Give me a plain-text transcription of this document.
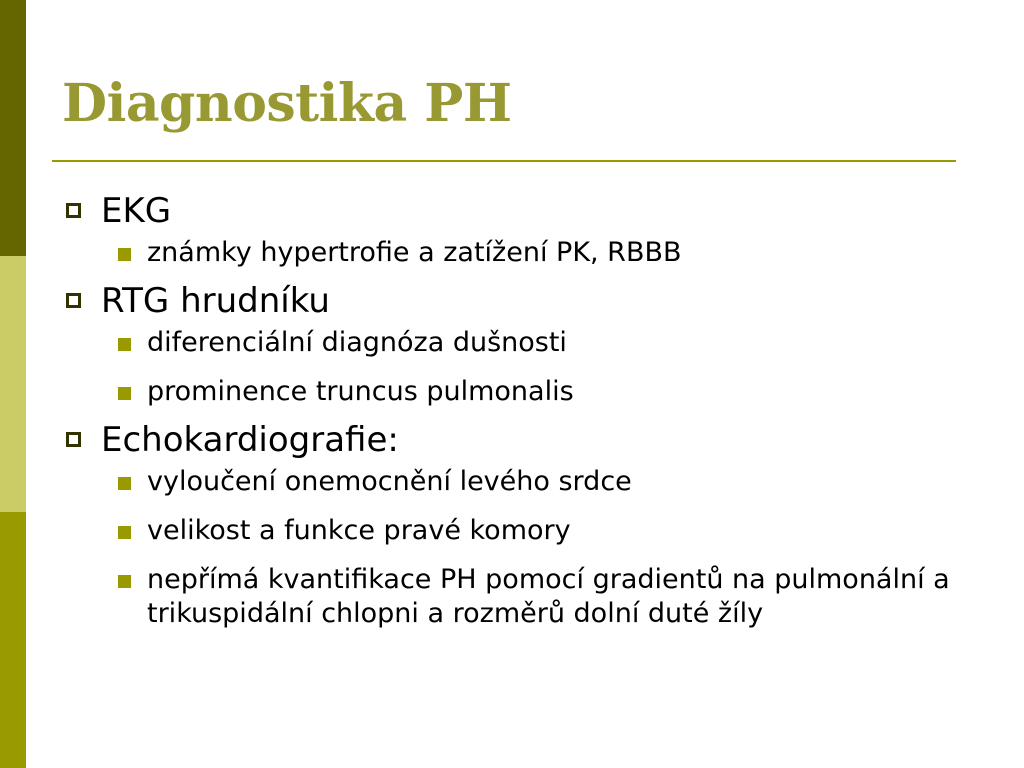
Diagnostika PH
EKG
známky hypertrofie a zatížení PK, RBBB
RTG hrudníku
diferenciální diagnóza dušnosti
prominence truncus pulmonalis
Echokardiografie:
vyloučení onemocnění levého srdce
velikost a funkce pravé komory
nepřímá kvantifikace PH pomocí gradientů na pulmonální a trikuspidální chlopni a rozměrů dolní duté žíly
